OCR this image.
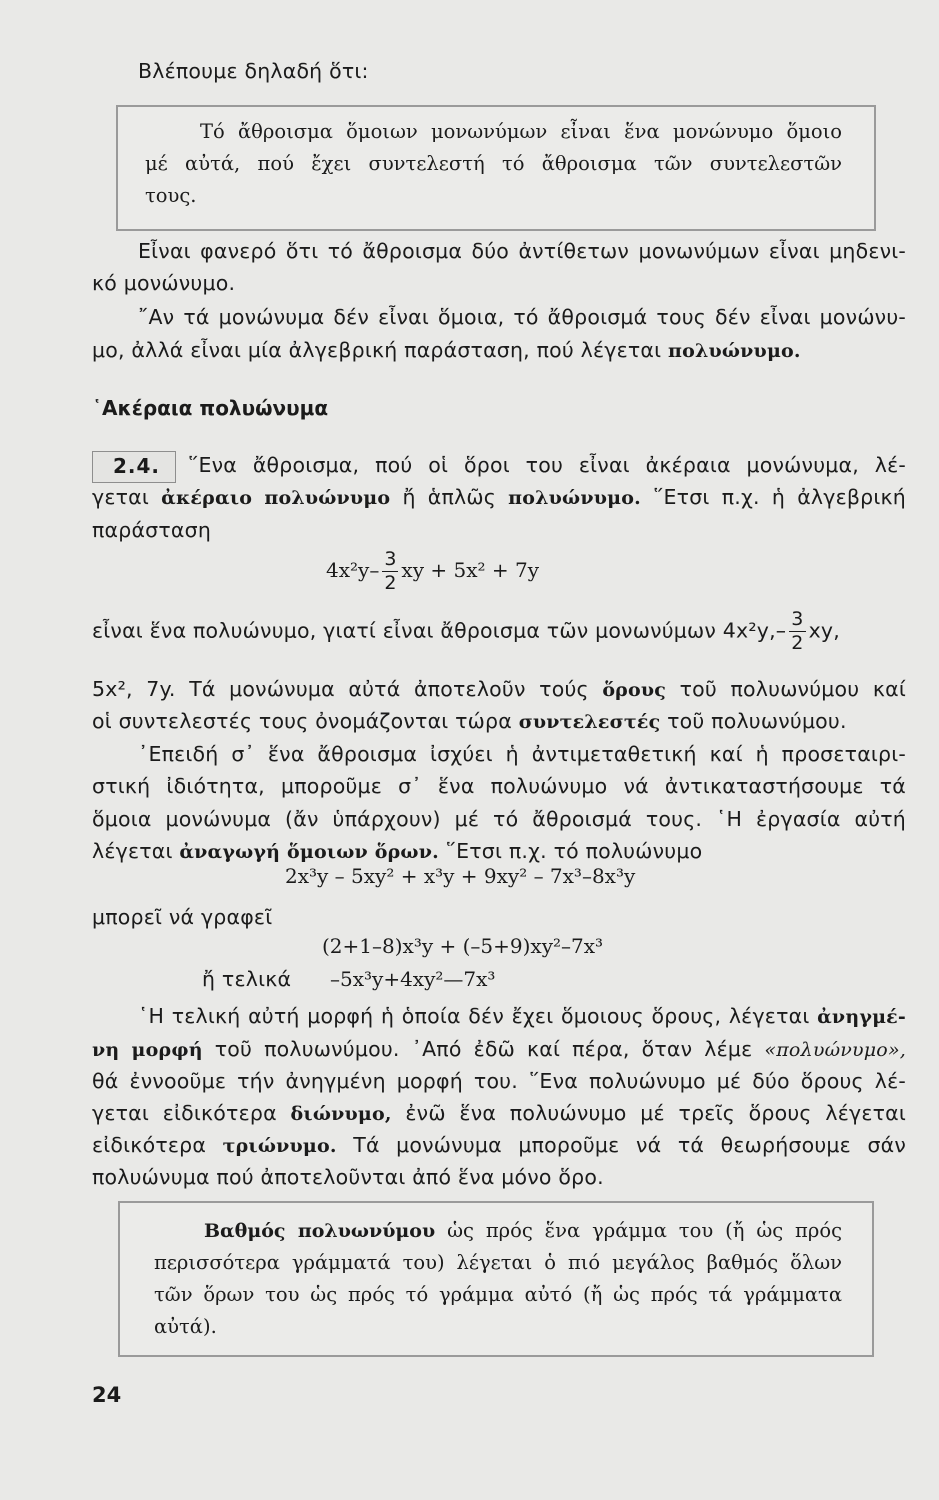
Βλέπουμε δηλαδή ὅτι:
Τό ἄθροισμα ὅμοιων μονωνύμων εἶναι ἕνα μονώνυμο ὅμοιο
μέ αὐτά, πού ἔχει συντελεστή τό ἄθροισμα τῶν συντελεστῶν
τους.
Εἶναι φανερό ὅτι τό ἄθροισμα δύο ἀντίθετων μονωνύμων εἶναι μηδενι-
κό μονώνυμο.
῎Αν τά μονώνυμα δέν εἶναι ὅμοια, τό ἄθροισμά τους δέν εἶναι μονώνυ-
μο, ἀλλά εἶναι μία ἀλγεβρική παράσταση, πού λέγεται πολυώνυμο.
῾Ακέραια πολυώνυμα
2.4. ῞Ενα ἄθροισμα, πού οἱ ὅροι του εἶναι ἀκέραια μονώνυμα, λέ-
γεται ἀκέραιο πολυώνυμο ἤ ἁπλῶς πολυώνυμο. ῞Ετσι π.χ. ἡ ἀλγεβρική
παράσταση
$4x^2y- \frac{3}{2}$ xy + 5x² + 7y
εἶναι ἕνα πολυώνυμο, γιατί εἶναι ἄθροισμα τῶν μονωνύμων $4x^2y,- \frac{3}{2}$ xy,
5x², 7y. Τά μονώνυμα αὐτά ἀποτελοῦν τούς ὅρους τοῦ πολυωνύμου καί
οἱ συντελεστές τους ὀνομάζονται τώρα συντελεστές τοῦ πολυωνύμου.
᾿Επειδή σ᾿ ἕνα ἄθροισμα ἰσχύει ἡ ἀντιμεταθετική καί ἡ προσεταιρι-
στική ἰδιότητα, μποροῦμε σ᾿ ἕνα πολυώνυμο νά ἀντικαταστήσουμε τά
ὅμοια μονώνυμα (ἄν ὑπάρχουν) μέ τό ἄθροισμά τους. ῾Η ἐργασία αὐτή
λέγεται ἀναγωγή ὅμοιων ὅρων. ῞Ετσι π.χ. τό πολυώνυμο
2x³y – 5xy² + x³y + 9xy² – 7x³–8x³y
μπορεῖ νά γραφεῖ
(2+1–8)x³y + (–5+9)xy²–7x³
ἤ τελικά –5x³y+4xy²—7x³
῾Η τελική αὐτή μορφή ἡ ὁποία δέν ἔχει ὅμοιους ὅρους, λέγεται ἀνηγμέ-
νη μορφή τοῦ πολυωνύμου. ᾿Από ἐδῶ καί πέρα, ὅταν λέμε «πολυώνυμο»,
θά ἐννοοῦμε τήν ἀνηγμένη μορφή του. ῞Ενα πολυώνυμο μέ δύο ὅρους λέ-
γεται εἰδικότερα διώνυμο, ἐνῶ ἕνα πολυώνυμο μέ τρεῖς ὅρους λέγεται
εἰδικότερα τριώνυμο. Τά μονώνυμα μποροῦμε νά τά θεωρήσουμε σάν
πολυώνυμα πού ἀποτελοῦνται ἀπό ἕνα μόνο ὅρο.
Βαθμός πολυωνύμου ὡς πρός ἕνα γράμμα του (ἤ ὡς πρός
περισσότερα γράμματά του) λέγεται ὁ πιό μεγάλος βαθμός ὅλων
τῶν ὅρων του ὡς πρός τό γράμμα αὐτό (ἤ ὡς πρός τά γράμματα
αὐτά).
24
